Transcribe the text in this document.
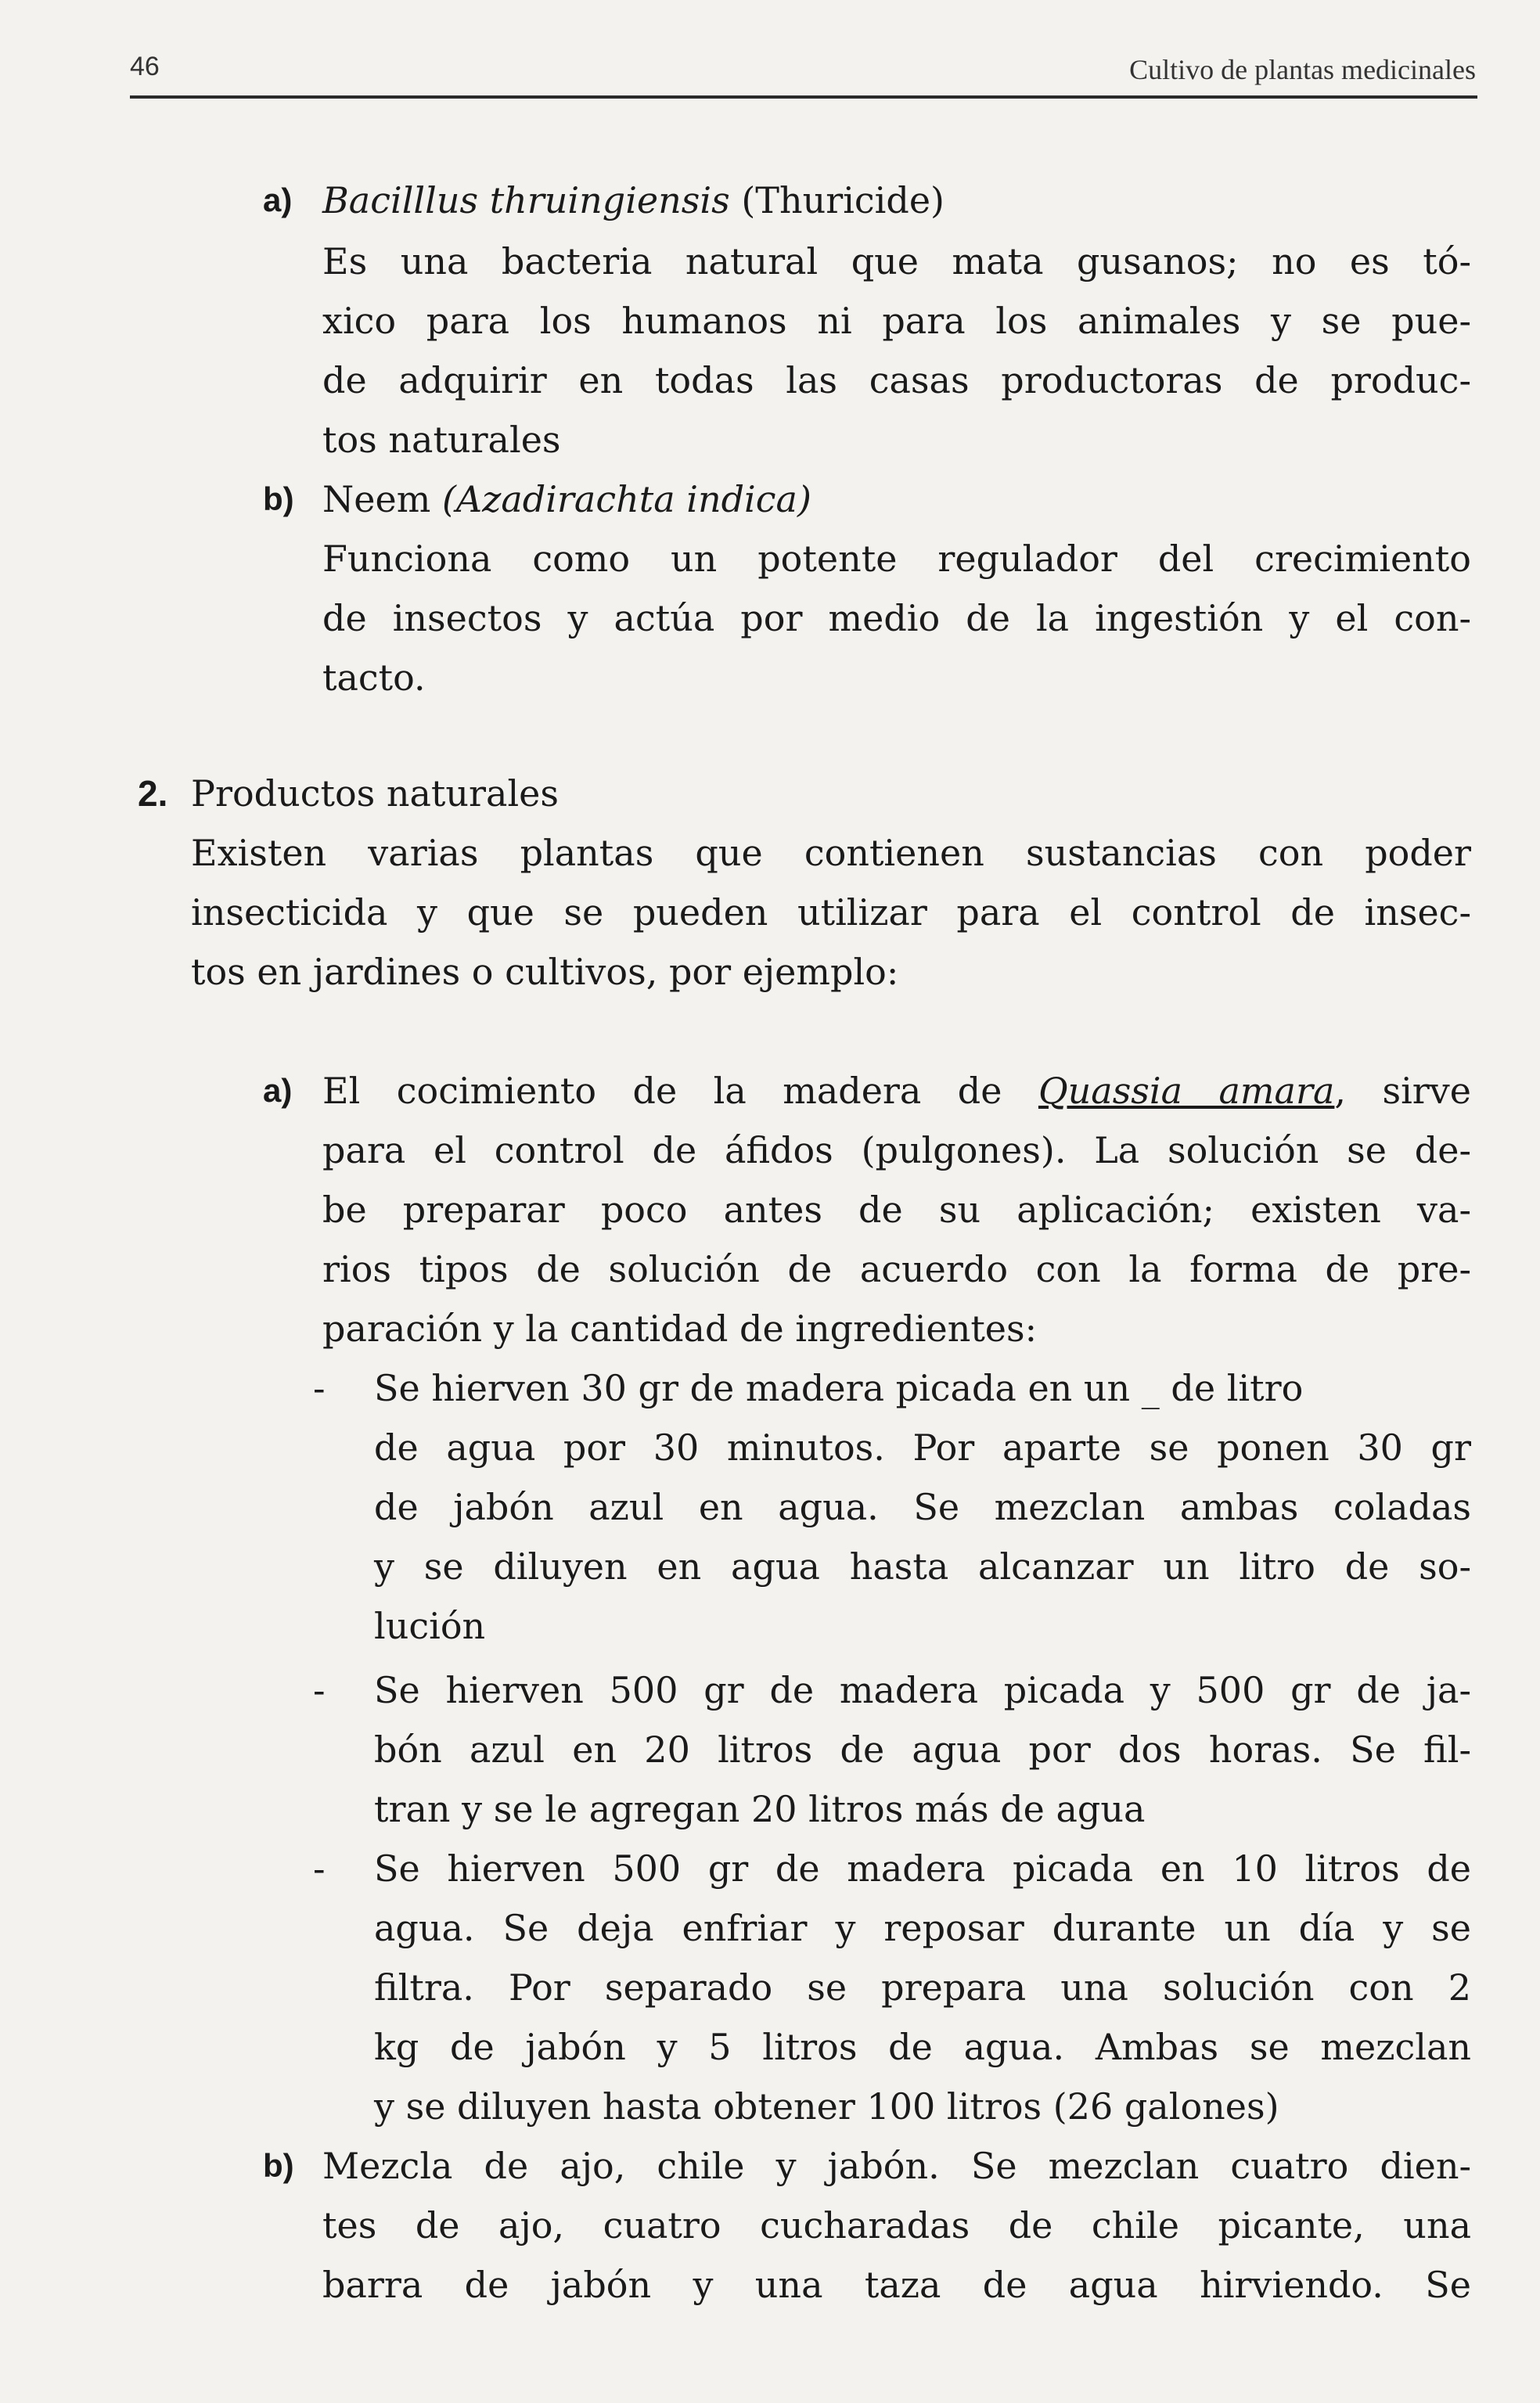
46	Cultivo de plantas medicinales
a) Bacilllus thruingiensis (Thuricide)
Es una bacteria natural que mata gusanos; no es tó-
xico para los humanos ni para los animales y se pue-
de adquirir en todas las casas productoras de produc-
tos naturales
b) Neem (Azadirachta indica)
Funciona como un potente regulador del crecimiento
de insectos y actúa por medio de la ingestión y el con-
tacto.
2. Productos naturales
Existen varias plantas que contienen sustancias con poder
insecticida y que se pueden utilizar para el control de insec-
tos en jardines o cultivos, por ejemplo:
a) El cocimiento de la madera de Quassia amara, sirve
para el control de áfidos (pulgones). La solución se de-
be preparar poco antes de su aplicación; existen va-
rios tipos de solución de acuerdo con la forma de pre-
paración y la cantidad de ingredientes:
- Se hierven 30 gr de madera picada en un _ de litro
de agua por 30 minutos. Por aparte se ponen 30 gr
de jabón azul en agua. Se mezclan ambas coladas
y se diluyen en agua hasta alcanzar un litro de so-
lución
- Se hierven 500 gr de madera picada y 500 gr de ja-
bón azul en 20 litros de agua por dos horas. Se fil-
tran y se le agregan 20 litros más de agua
- Se hierven 500 gr de madera picada en 10 litros de
agua. Se deja enfriar y reposar durante un día y se
filtra. Por separado se prepara una solución con 2
kg de jabón y 5 litros de agua. Ambas se mezclan
y se diluyen hasta obtener 100 litros (26 galones)
b) Mezcla de ajo, chile y jabón. Se mezclan cuatro dien-
tes de ajo, cuatro cucharadas de chile picante, una
barra de jabón y una taza de agua hirviendo. Se
